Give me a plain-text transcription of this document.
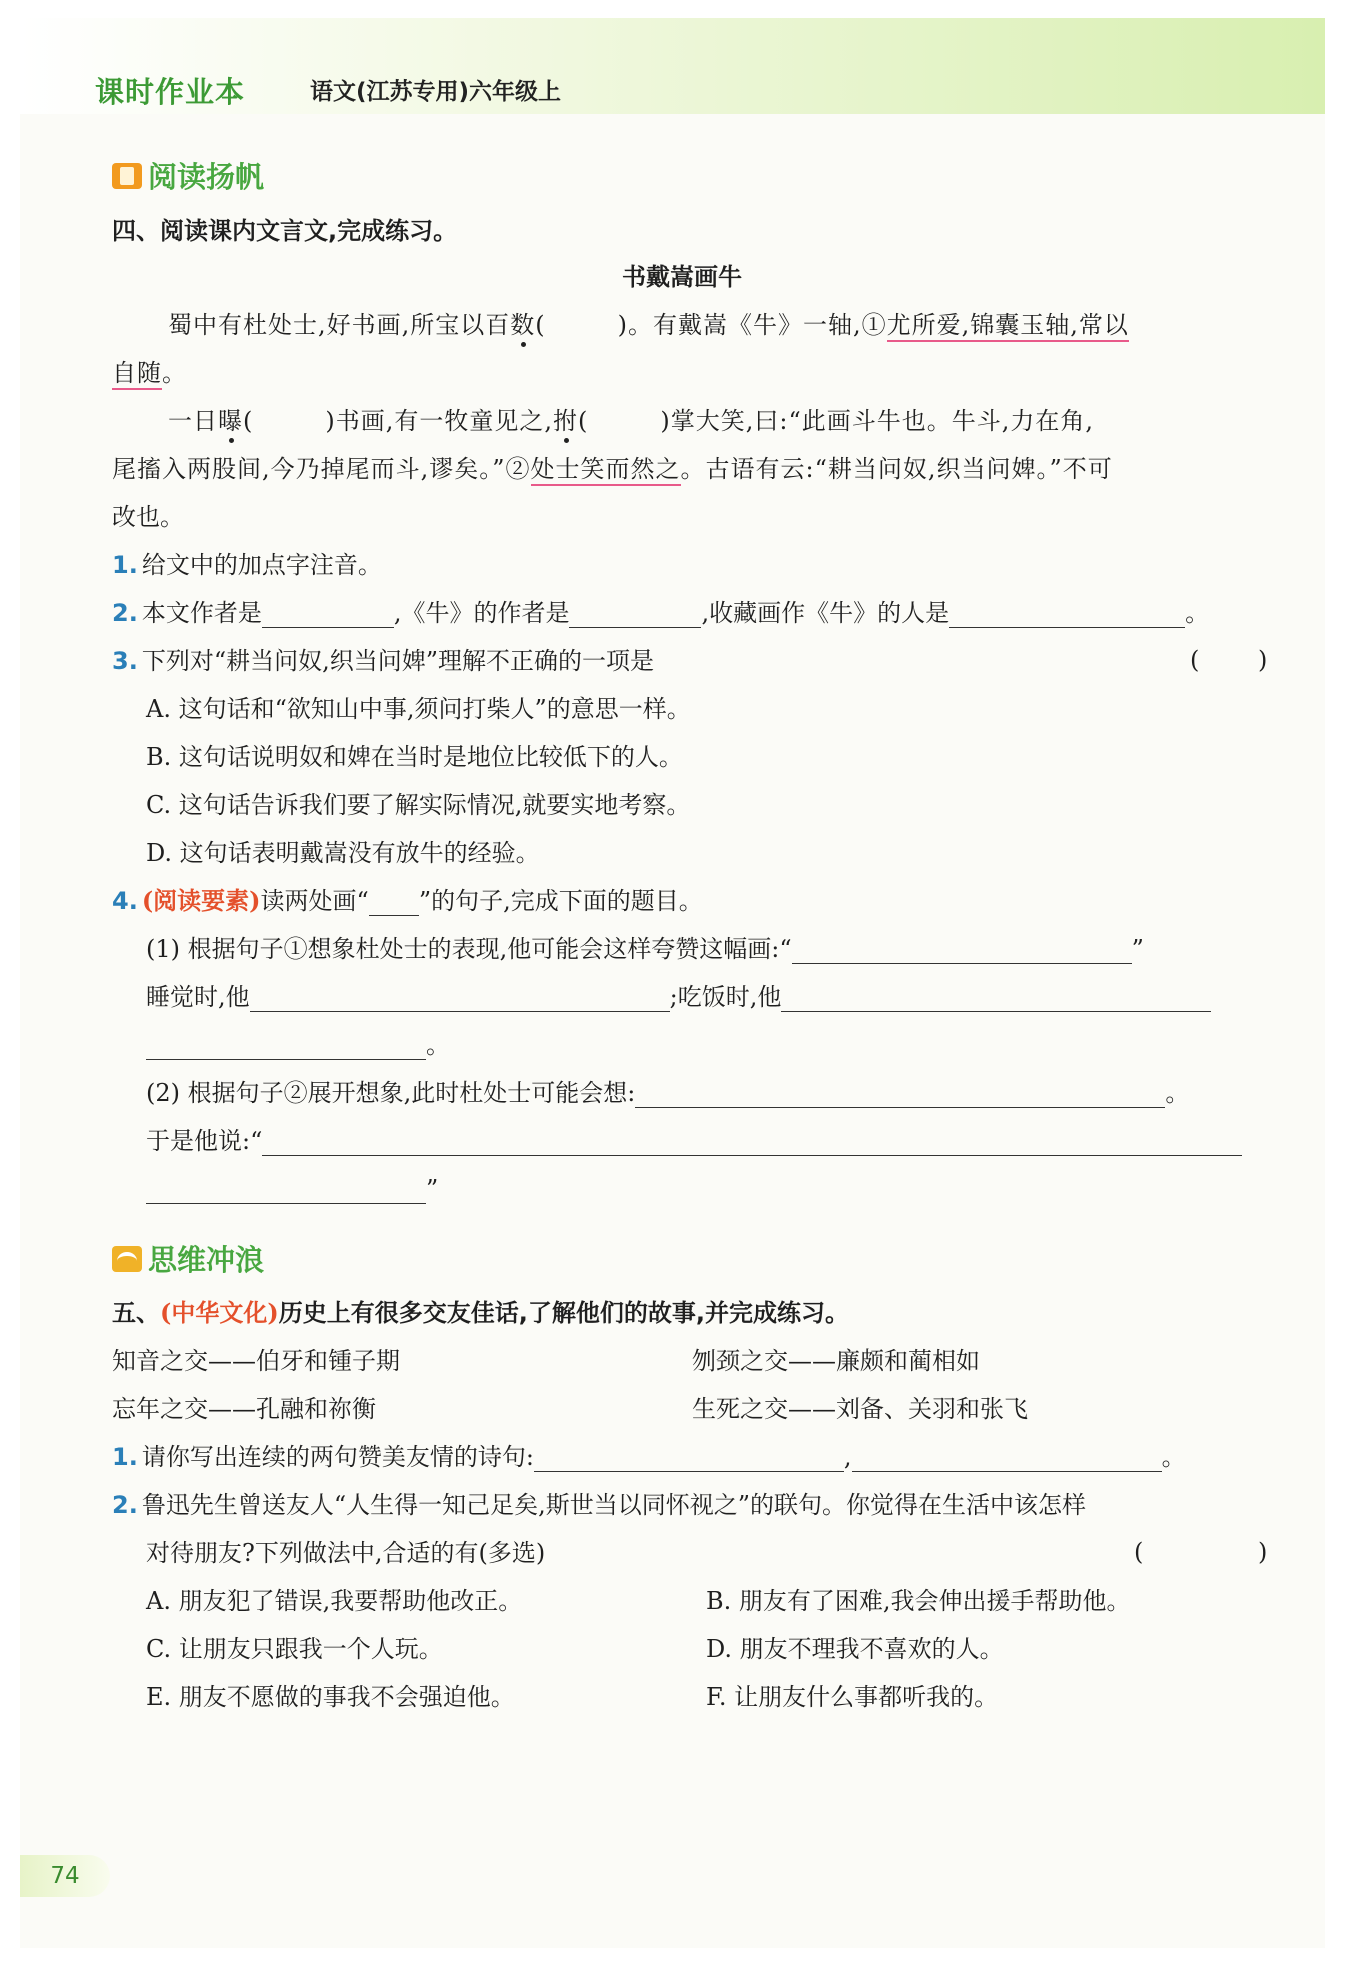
课时作业本	语文(江苏专用)六年级上
阅读扬帆
四、阅读课内文言文,完成练习。
书戴嵩画牛
蜀中有杜处士,好书画,所宝以百数(	)。有戴嵩《牛》一轴,①尤所爱,锦囊玉轴,常以
自随。
一日曝(	)书画,有一牧童见之,拊(	)掌大笑,曰:“此画斗牛也。牛斗,力在角,
尾搐入两股间,今乃掉尾而斗,谬矣。”②处士笑而然之。古语有云:“耕当问奴,织当问婢。”不可
改也。
1. 给文中的加点字注音。
2. 本文作者是	,《牛》的作者是	,收藏画作《牛》的人是	。
3. 下列对“耕当问奴,织当问婢”理解不正确的一项是	( )
A. 这句话和“欲知山中事,须问打柴人”的意思一样。
B. 这句话说明奴和婢在当时是地位比较低下的人。
C. 这句话告诉我们要了解实际情况,就要实地考察。
D. 这句话表明戴嵩没有放牛的经验。
4. (阅读要素)读两处画“ ”的句子,完成下面的题目。
(1) 根据句子①想象杜处士的表现,他可能会这样夸赞这幅画:“	”
睡觉时,他	;吃饭时,他
。
(2) 根据句子②展开想象,此时杜处士可能会想:	。
于是他说:“
”
思维冲浪
五、(中华文化)历史上有很多交友佳话,了解他们的故事,并完成练习。
知音之交——伯牙和锺子期	刎颈之交——廉颇和蔺相如
忘年之交——孔融和祢衡	生死之交——刘备、关羽和张飞
1. 请你写出连续的两句赞美友情的诗句:	,	。
2. 鲁迅先生曾送友人“人生得一知己足矣,斯世当以同怀视之”的联句。你觉得在生活中该怎样
对待朋友?下列做法中,合适的有(多选)	(	)
A. 朋友犯了错误,我要帮助他改正。	B. 朋友有了困难,我会伸出援手帮助他。
C. 让朋友只跟我一个人玩。	D. 朋友不理我不喜欢的人。
E. 朋友不愿做的事我不会强迫他。	F. 让朋友什么事都听我的。
74
